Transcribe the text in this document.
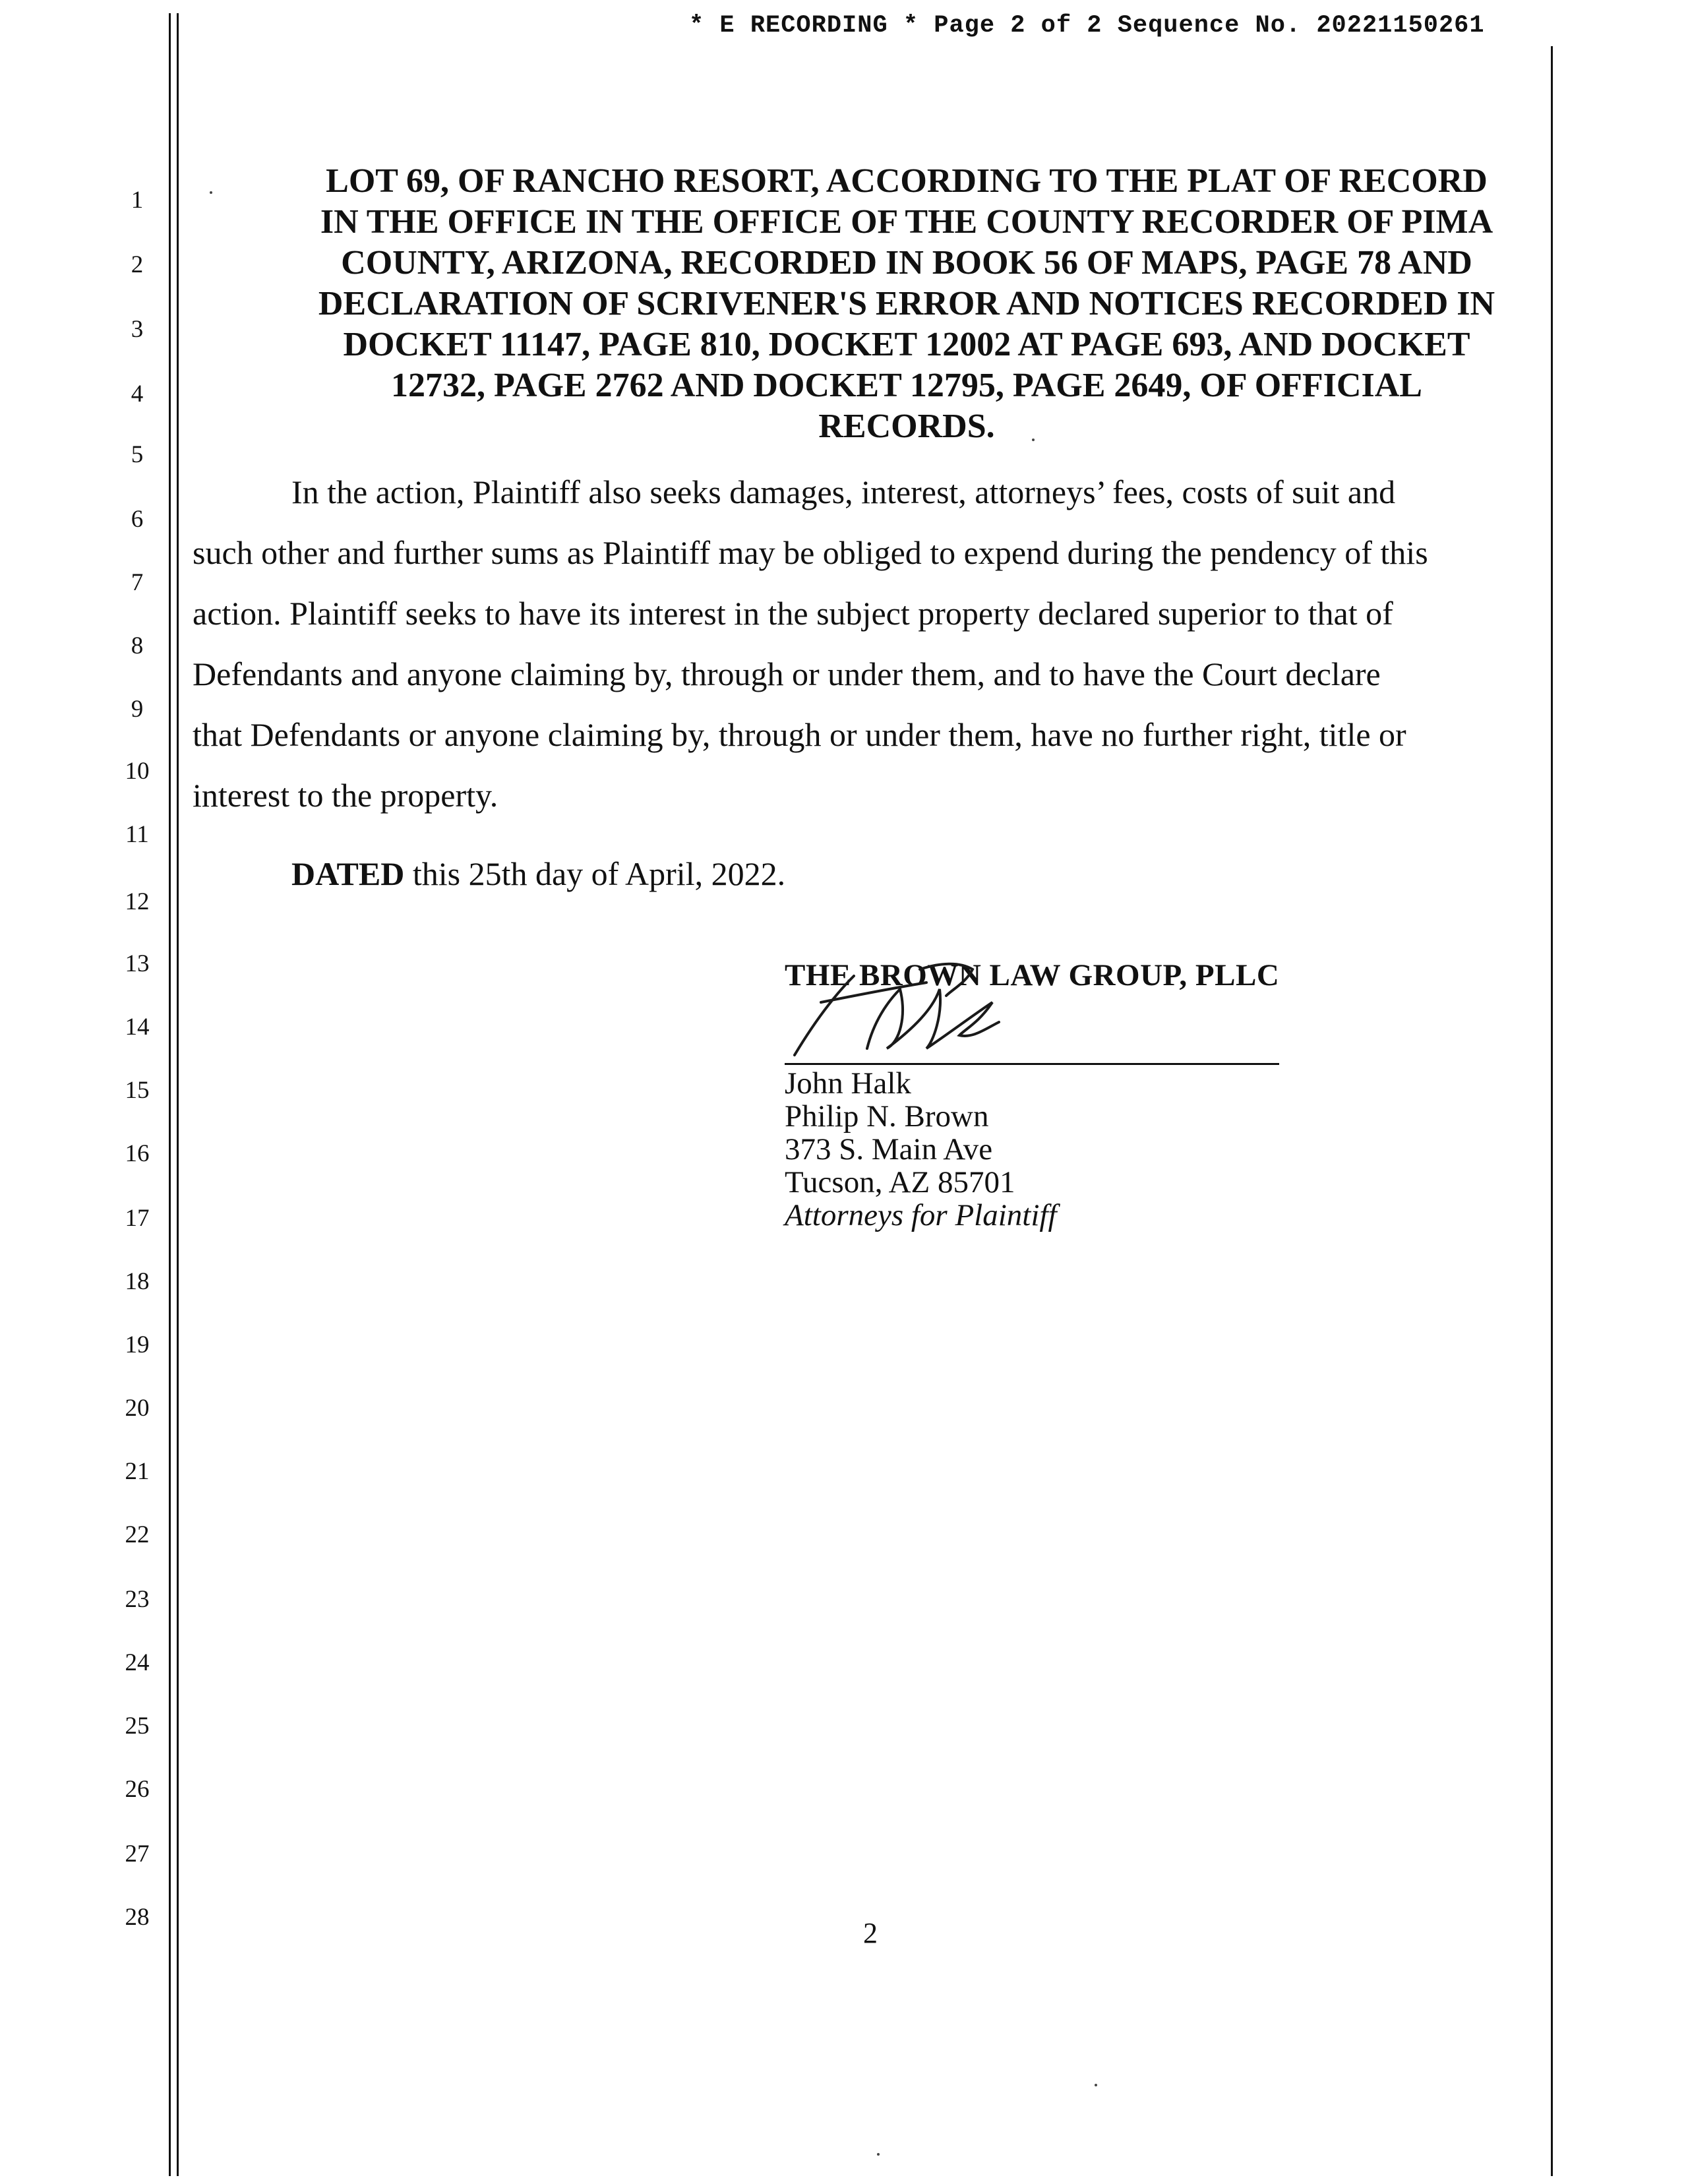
* E RECORDING * Page 2 of 2 Sequence No. 20221150261
1
2
3
4
5
6
7
8
9
10
11
12
13
14
15
16
17
18
19
20
21
22
23
24
25
26
27
28
LOT 69, OF RANCHO RESORT, ACCORDING TO THE PLAT OF RECORD
IN THE OFFICE IN THE OFFICE OF THE COUNTY RECORDER OF PIMA
COUNTY, ARIZONA, RECORDED IN BOOK 56 OF MAPS, PAGE 78 AND
DECLARATION OF SCRIVENER'S ERROR AND NOTICES RECORDED IN
DOCKET 11147, PAGE 810, DOCKET 12002 AT PAGE 693, AND DOCKET
12732, PAGE 2762 AND DOCKET 12795, PAGE 2649, OF OFFICIAL
RECORDS.
In the action, Plaintiff also seeks damages, interest, attorneys’ fees, costs of suit and
such other and further sums as Plaintiff may be obliged to expend during the pendency of this
action. Plaintiff seeks to have its interest in the subject property declared superior to that of
Defendants and anyone claiming by, through or under them, and to have the Court declare
that Defendants or anyone claiming by, through or under them, have no further right, title or
interest to the property.
DATED this 25th day of April, 2022.
THE BROWN LAW GROUP, PLLC
John Halk
Philip N. Brown
373 S. Main Ave
Tucson, AZ 85701
Attorneys for Plaintiff
2
